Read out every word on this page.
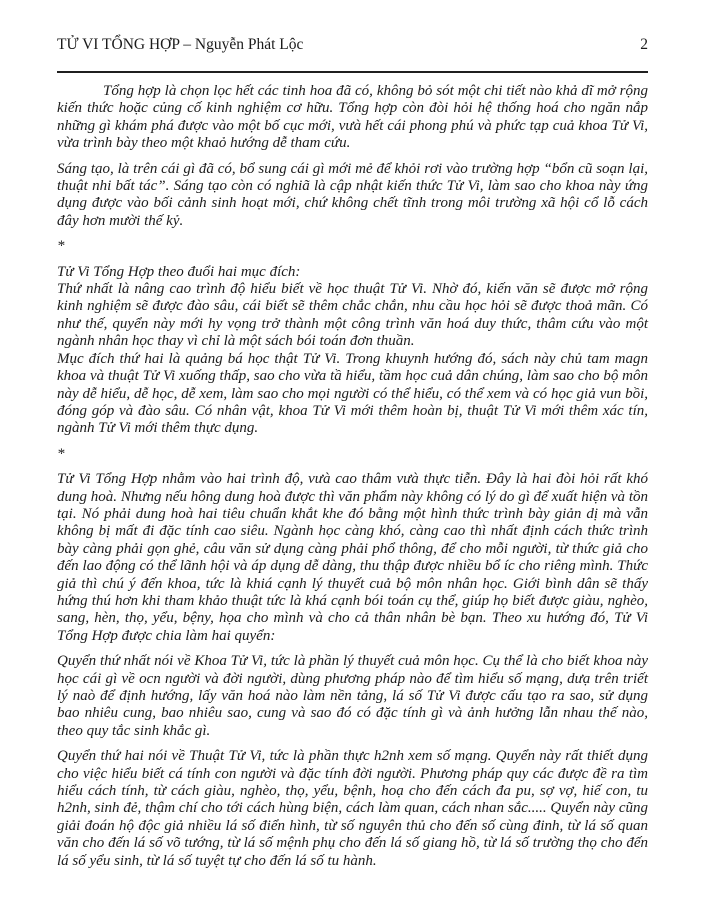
TỬ VI TỔNG HỢP – Nguyễn Phát Lộc	2

Tổng hợp là chọn lọc hết các tinh hoa đã có, không bỏ sót một chi tiết nào khả dĩ mở rộng kiến thức hoặc củng cố kinh nghiệm cơ hữu. Tổng hợp còn đòi hỏi hệ thống hoá cho ngăn nắp những gì khám phá được vào một bố cục mới, vưà hết cái phong phú và phức tạp cuả khoa Tử Vi, vừa trình bày theo một khaỏ hướng dễ tham cứu.

Sáng tạo, là trên cái gì đã có, bổ sung cái gì mới mẻ để khỏi rơi vào trường hợp “bổn cũ soạn lại, thuật nhi bất tác”. Sáng tạo còn có nghiã là cập nhật kiến thức Tử Vi, làm sao cho khoa này ứng dụng được vào bối cảnh sinh hoạt mới, chứ không chết tĩnh trong môi trường xã hội cổ lỗ cách đây hơn mười thế kỷ.

*

Tử Vi Tổng Hợp theo đuổi hai mục đích:

Thứ nhất là nâng cao trình độ hiểu biết về học thuật Tử Vi. Nhờ đó, kiến văn sẽ được mở rộng kinh nghiệm sẽ được đào sâu, cái biết sẽ thêm chắc chắn, nhu cầu học hỏi sẽ được thoả mãn. Có như thế, quyển này mới hy vọng trở thành một công trình văn hoá duy thức, thâm cứu vào một ngành nhân học thay vì chỉ là một sách bói toán đơn thuần.

Mục đích thứ hai là quảng bá học thật Tử Vi. Trong khuynh hướng đó, sách này chủ tam magn khoa và thuật Tử Vi xuống thấp, sao cho vừa tầ hiểu, tầm học cuả dân chúng, làm sao cho bộ môn này dễ hiểu, dễ học, dễ xem, làm sao cho mọi người có thể hiểu, có thể xem và có học giả vun bồi, đóng góp và đào sâu. Có nhân vật, khoa Tử Vi mới thêm hoàn bị, thuật Tử Vi mới thêm xác tín, ngành Tử Vi mới thêm thực dụng.

*

Tử Vi Tổng Hợp nhằm vào hai trình độ, vưà cao thâm vưà thực tiễn. Đây là hai đòi hỏi rất khó dung hoà. Nhưng nếu hông dung hoà được thì văn phẩm này không có lý do gì để xuất hiện và tồn tại. Nó phải dung hoà hai tiêu chuẩn khắt khe đó bằng một hình thức trình bày giản dị mà vẫn không bị mất đi đặc tính cao siêu. Ngành học càng khó, càng cao thì nhất định cách thức trình bày càng phải gọn ghẻ, câu văn sử dụng càng phải phổ thông, để cho mỗi người, từ thức giả cho đến lao động có thể lãnh hội và áp dụng dễ dàng, thu thập được nhiều bổ íc cho riêng mình. Thức giả thì chú ý đến khoa, tức là khiá cạnh lý thuyết cuả bộ môn nhân học. Giới bình dân sẽ thấy hứng thú hơn khi tham khảo thuật tức là khá cạnh bói toán cụ thể, giúp họ biết được giàu, nghèo, sang, hèn, thọ, yểu, bệny, họa cho mình và cho cả thân nhân bè bạn. Theo xu hướng đó, Tử Vi Tổng Hợp được chia làm hai quyển:

Quyển thứ nhất nói về Khoa Tử Vi, tức là phần lý thuyết cuả môn học. Cụ thể là cho biết khoa này học cái gì về ocn người và đời người, dùng phương pháp nào để tìm hiểu số mạng, dưạ trên triết lý naò để định hướng, lấy văn hoá nào làm nền tảng, lá số Tử Vi được cấu tạo ra sao, sử dụng bao nhiêu cung, bao nhiêu sao, cung và sao đó có đặc tính gì và ảnh hưởng lẫn nhau thế nào, theo quy tắc sinh khắc gì.

Quyển thứ hai nói về Thuật Tử Vi, tức là phần thực h2nh xem số mạng. Quyển này rất thiết dụng cho việc hiểu biết cá tính con người và đặc tính đời người. Phương pháp quy các được đề ra tìm hiểu cách tính, từ cách giàu, nghèo, thọ, yểu, bệnh, hoạ cho đến cách đa pu, sợ vợ, hiế con, tu h2nh, sinh đẻ, thậm chí cho tới cách hùng biện, cách làm quan, cách nhan sắc..... Quyển này cũng giải đoán hộ độc giả nhiều lá số điển hình, từ số nguyên thủ cho đến số cùng đinh, từ lá số quan văn cho đến lá số võ tướng, từ lá số mệnh phụ cho đến lá số giang hồ, từ lá số trường thọ cho đến lá số yểu sinh, từ lá số tuyệt tự cho đến lá số tu hành.
